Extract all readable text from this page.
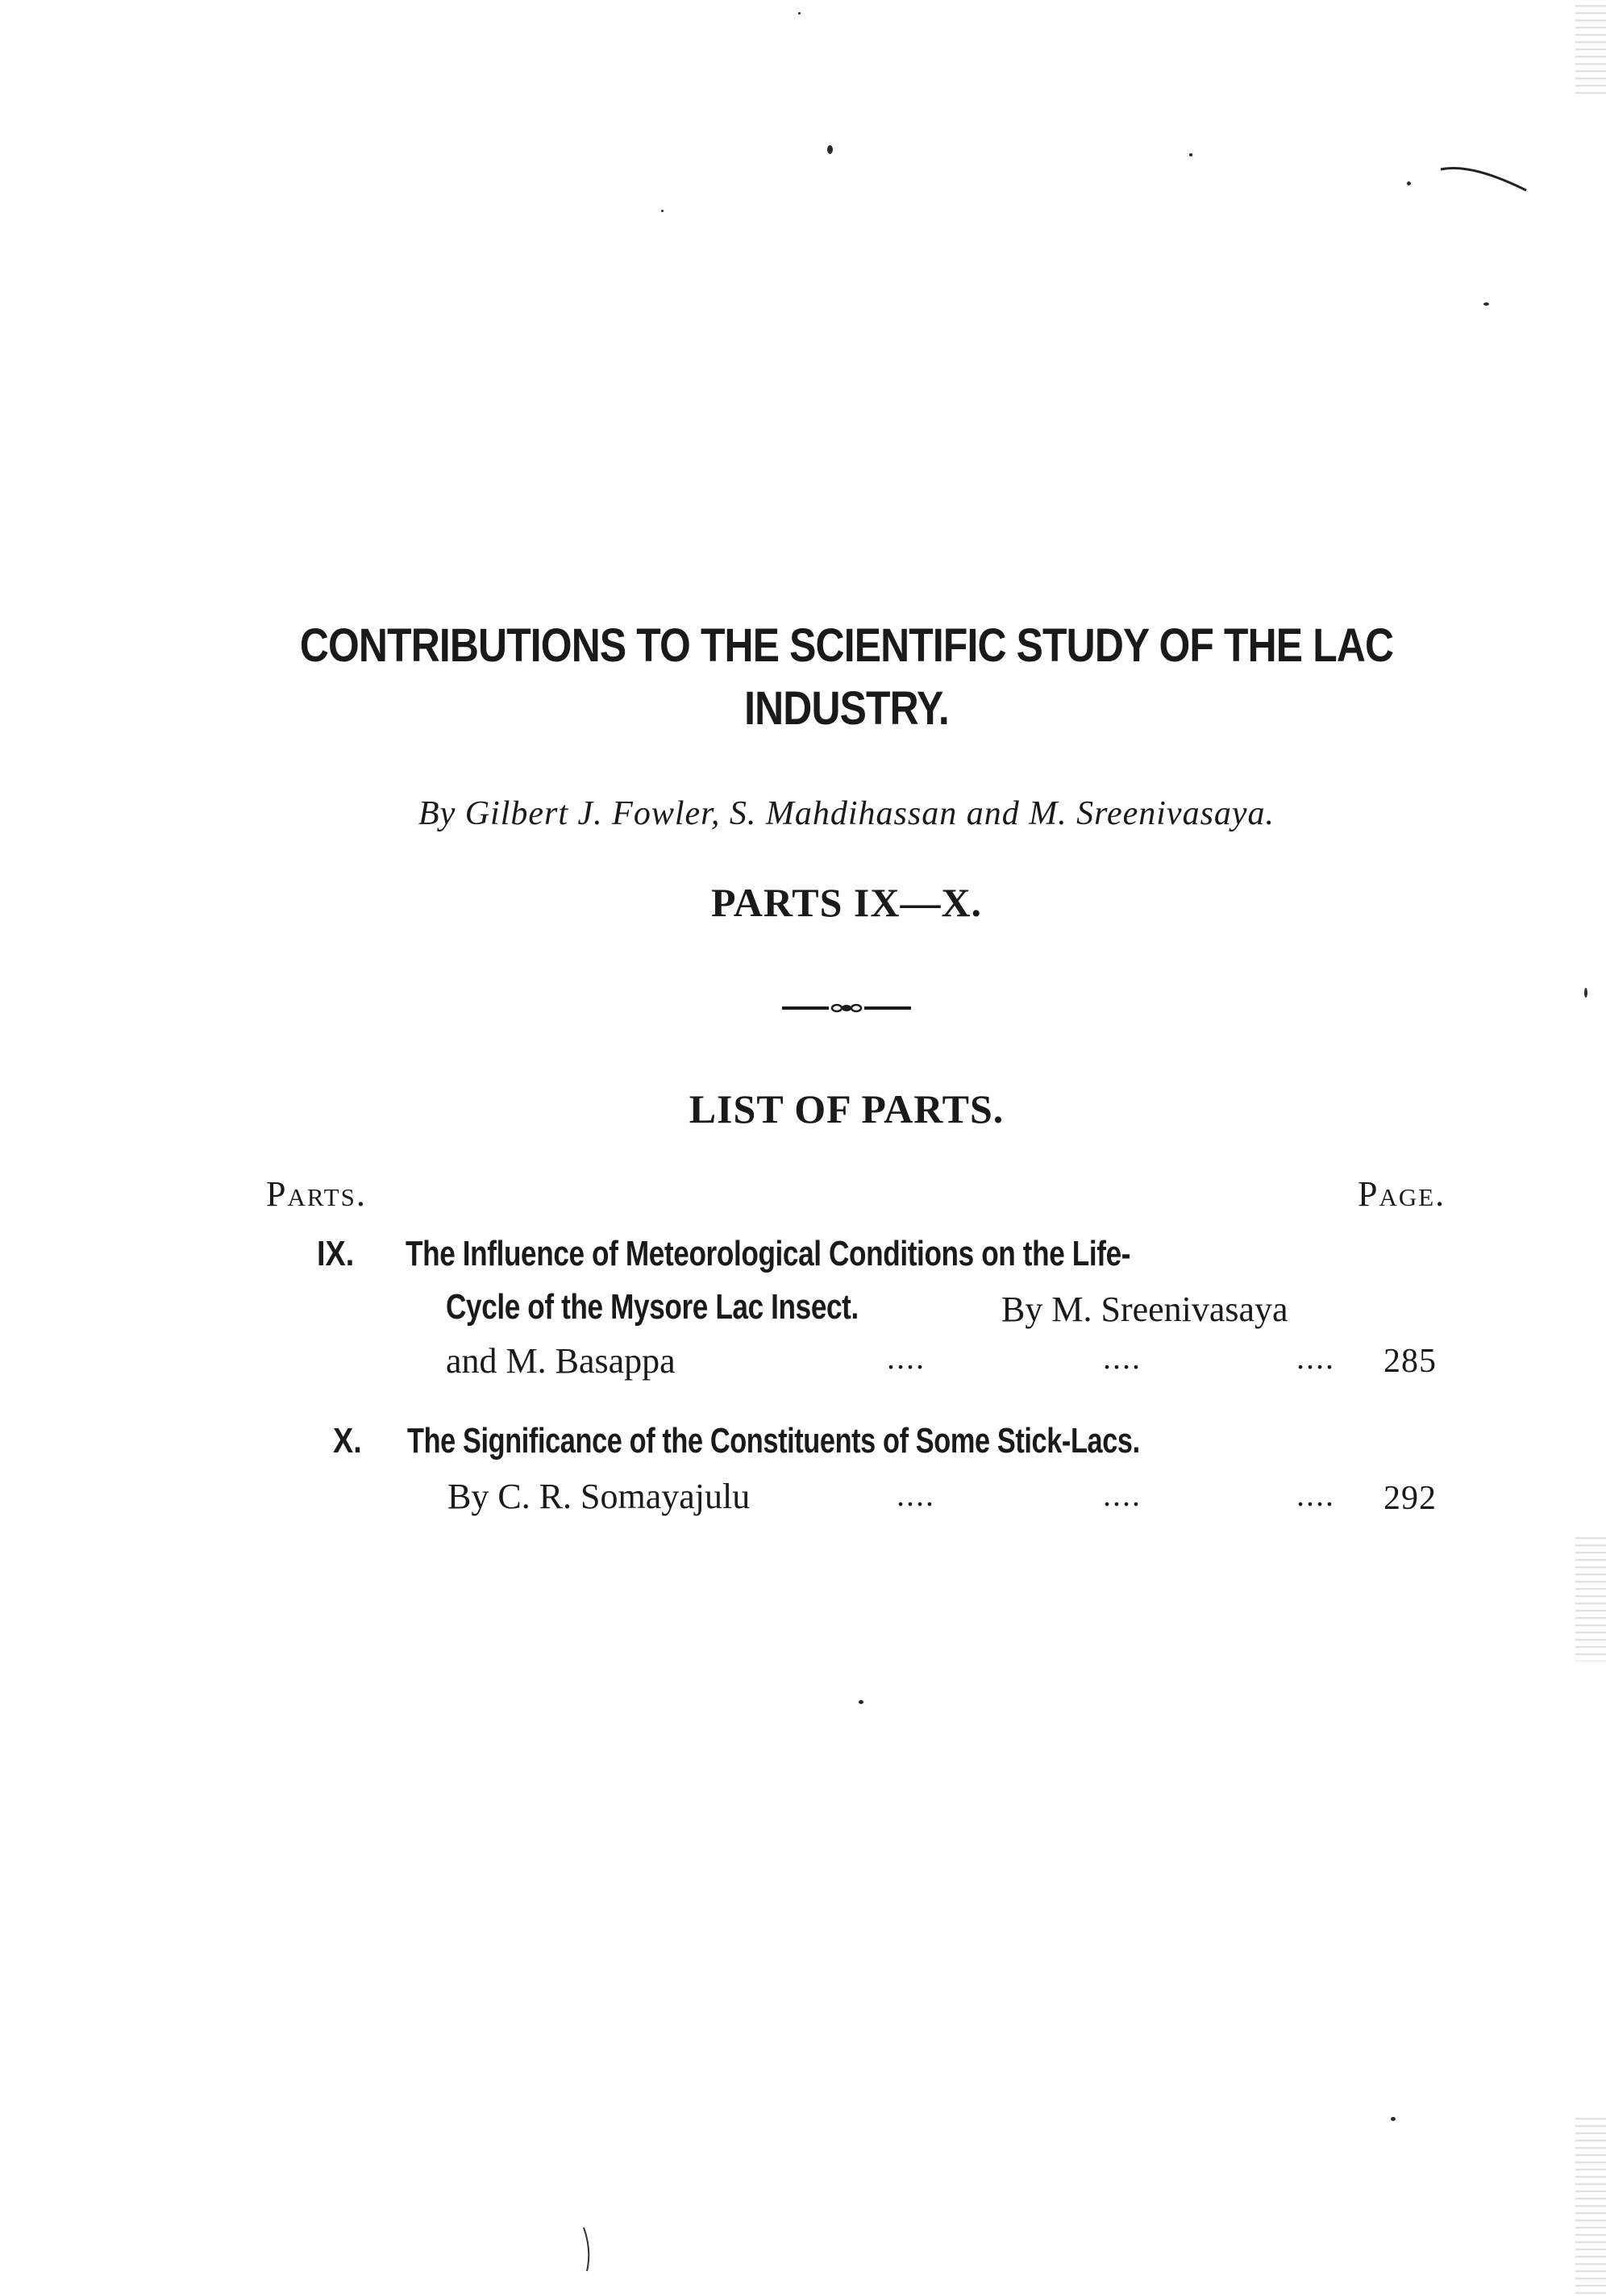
CONTRIBUTIONS TO THE SCIENTIFIC STUDY OF THE LAC
INDUSTRY.
By Gilbert J. Fowler, S. Mahdihassan and M. Sreenivasaya.
PARTS IX—X.
LIST OF PARTS.
Parts.	Page.
IX. The Influence of Meteorological Conditions on the Life-
Cycle of the Mysore Lac Insect.	By M. Sreenivasaya
and M. Basappa	....	....	.... 285
X. The Significance of the Constituents of Some Stick-Lacs.
By C. R. Somayajulu	....	....	.... 292
